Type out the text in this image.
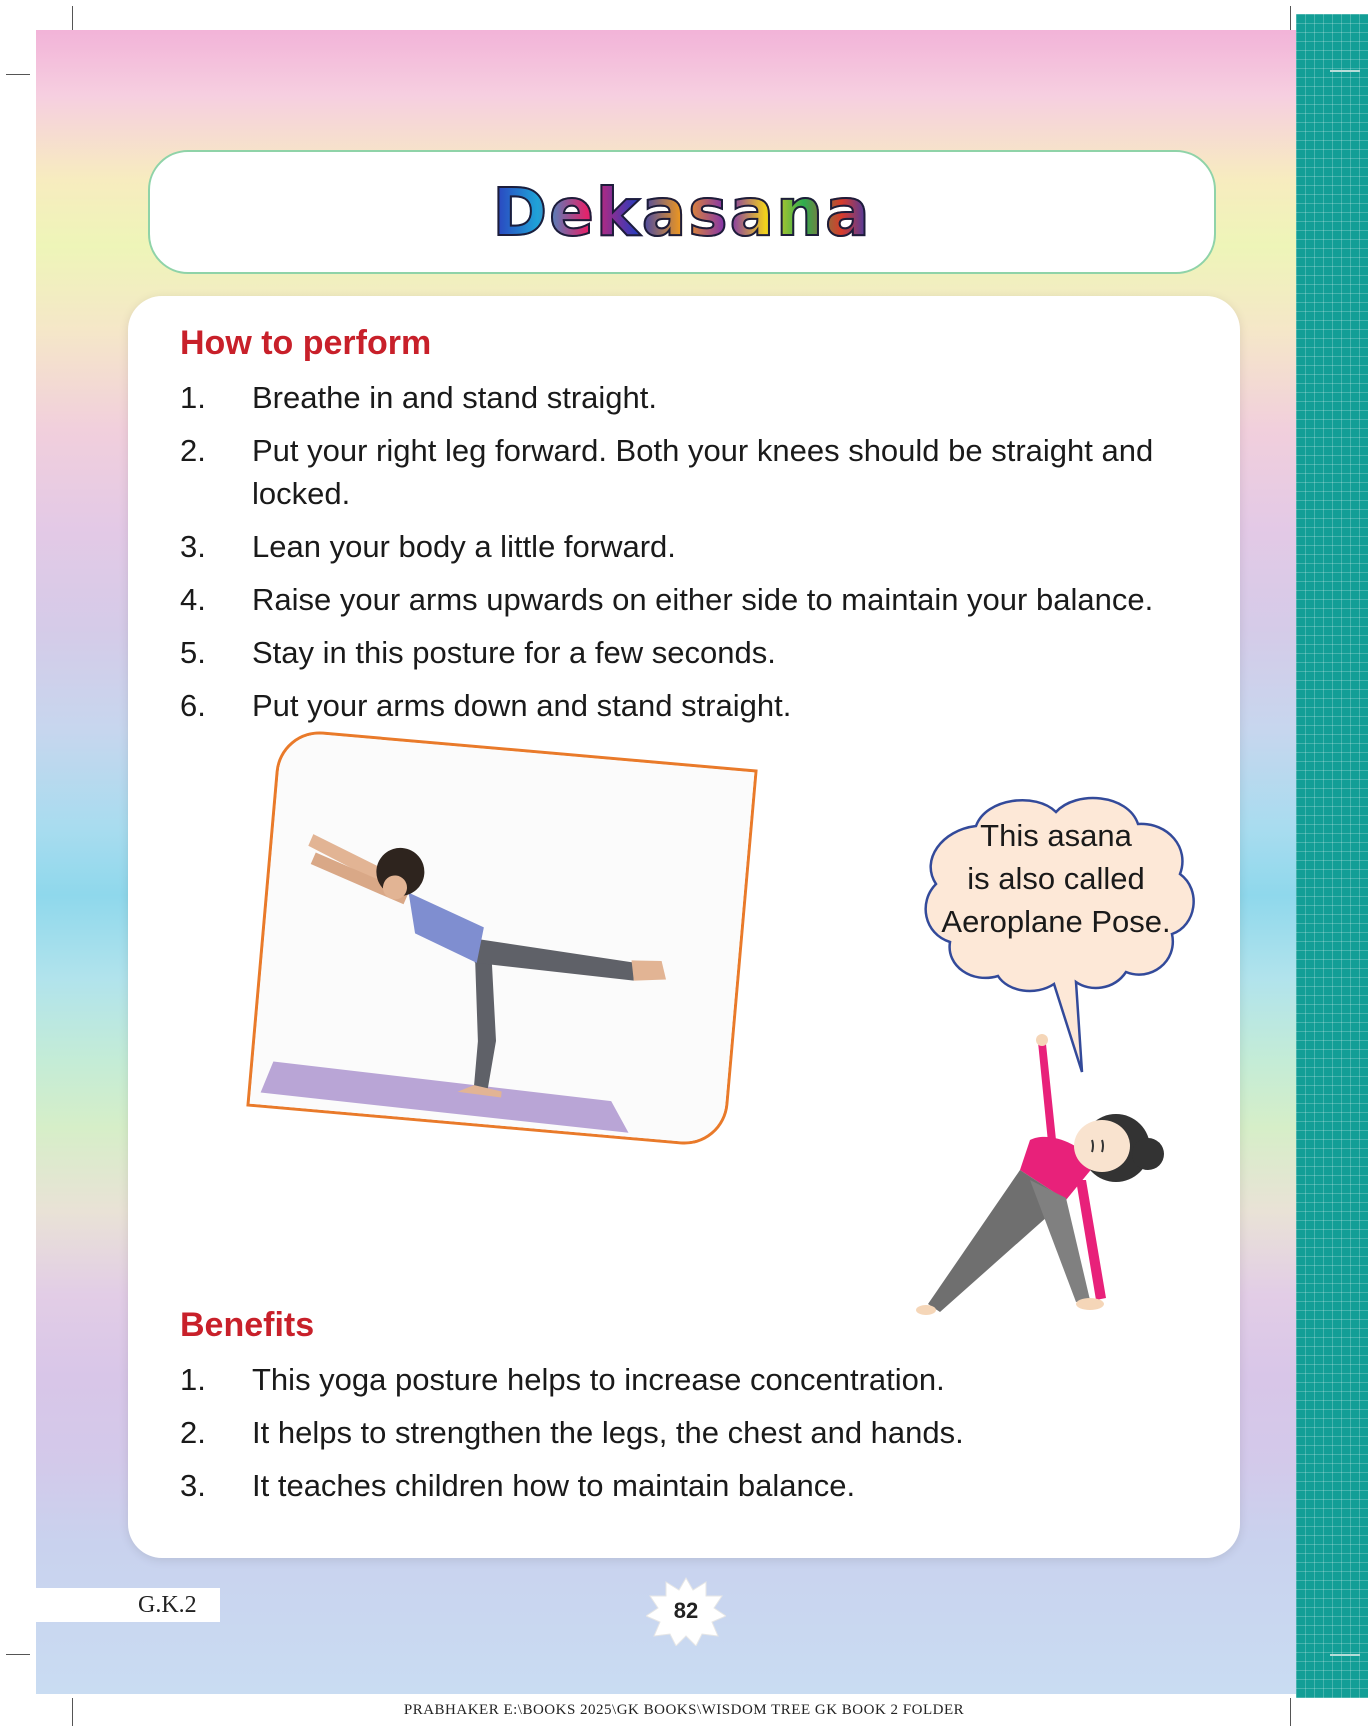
Dekasana
How to perform
1.	Breathe in and stand straight.
2.	Put your right leg forward. Both your knees should be straight and locked.
3.	Lean your body a little forward.
4.	Raise your arms upwards on either side to maintain your balance.
5.	Stay in this posture for a few seconds.
6.	Put your arms down and stand straight.
This asana
is also called
Aeroplane Pose.
Benefits
1.	This yoga posture helps to increase concentration.
2.	It helps to strengthen the legs, the chest and hands.
3.	It teaches children how to maintain balance.
G.K.2	82
PRABHAKER E:\BOOKS 2025\GK BOOKS\WISDOM TREE GK BOOK 2 FOLDER
